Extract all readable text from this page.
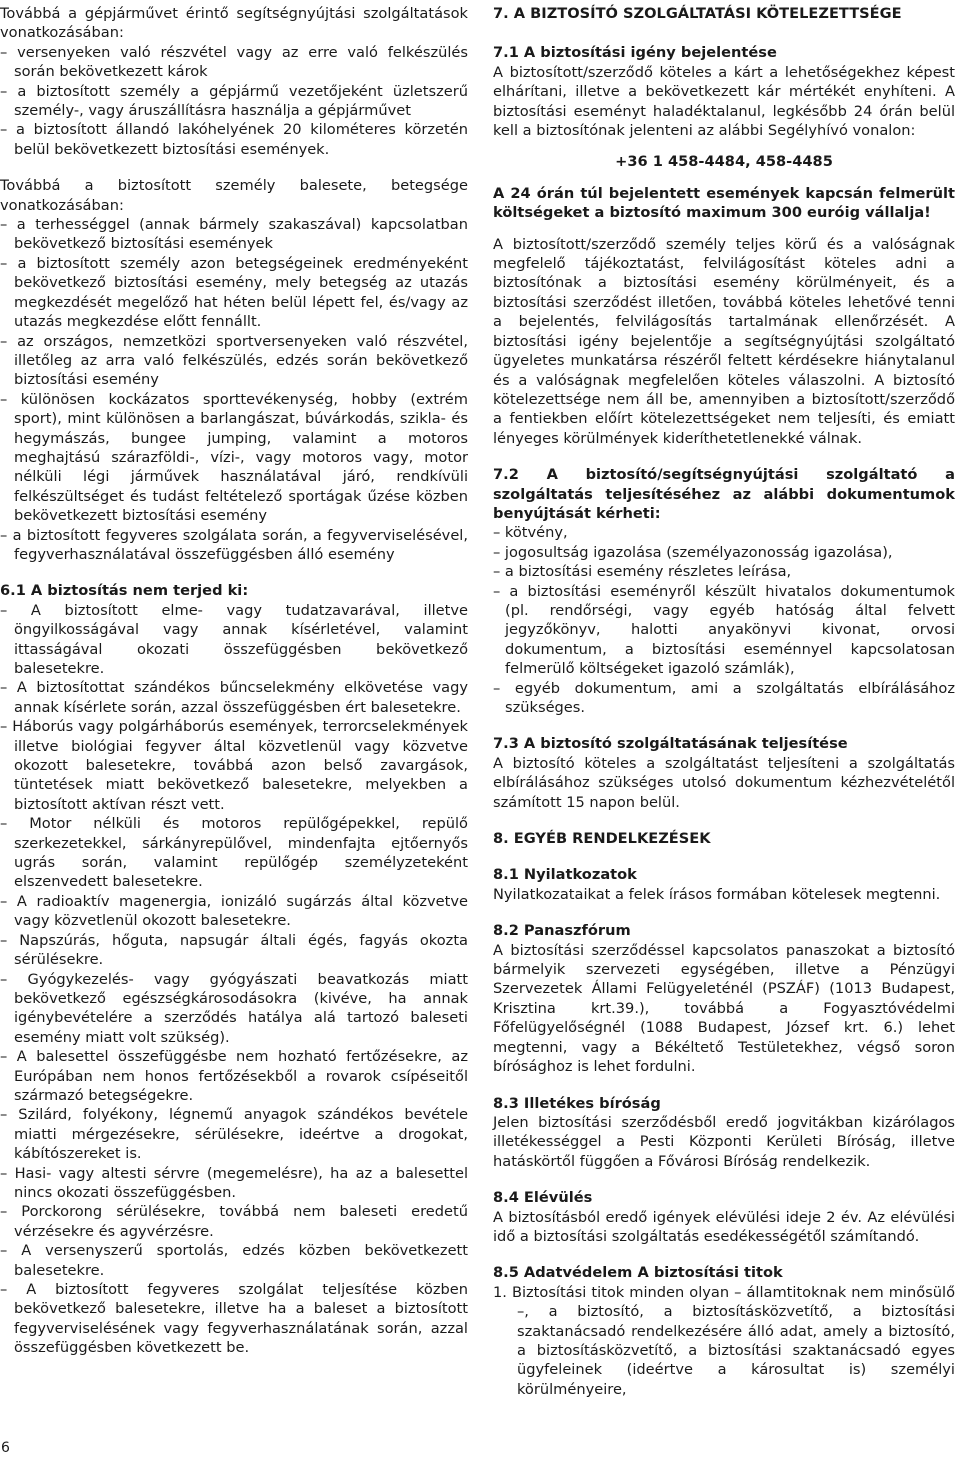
Továbbá a gépjárművet érintő segítségnyújtási szolgáltatások vonatkozásában:

– versenyeken való részvétel vagy az erre való felkészülés során bekövetkezett károk

– a biztosított személy a gépjármű vezetőjeként üzletszerű személy-, vagy áruszállításra használja a gépjárművet

– a biztosított állandó lakóhelyének 20 kilométeres körzetén belül bekövetkezett biztosítási események.

Továbbá a biztosított személy balesete, betegsége vonatkozásában:

– a terhességgel (annak bármely szakaszával) kapcsolatban bekövetkező biztosítási események

– a biztosított személy azon betegségeinek eredményeként bekövetkező biztosítási esemény, mely betegség az utazás megkezdését megelőző hat héten belül lépett fel, és/vagy az utazás megkezdése előtt fennállt.

– az országos, nemzetközi sportversenyeken való részvétel, illetőleg az arra való felkészülés, edzés során bekövetkező biztosítási esemény

– különösen kockázatos sporttevékenység, hobby (extrém sport), mint különösen a barlangászat, búvárkodás, szikla- és hegymászás, bungee jumping, valamint a motoros meghajtású szárazföldi-, vízi-, vagy motoros vagy, motor nélküli légi járművek használatával járó, rendkívüli felkészültséget és tudást feltételező sportágak űzése közben bekövetkezett biztosítási esemény

– a biztosított fegyveres szolgálata során, a fegyverviselésével, fegyverhasználatával összefüggésben álló esemény

6.1 A biztosítás nem terjed ki:

– A biztosított elme- vagy tudatzavarával, illetve öngyilkosságával vagy annak kísérletével, valamint ittasságával okozati összefüggésben bekövetkező balesetekre.

– A biztosítottat szándékos bűncselekmény elkövetése vagy annak kísérlete során, azzal összefüggésben ért balesetekre.

– Háborús vagy polgárháborús események, terrorcselekmények illetve biológiai fegyver által közvetlenül vagy közvetve okozott balesetekre, továbbá azon belső zavargások, tüntetések miatt bekövetkező balesetekre, melyekben a biztosított aktívan részt vett.

– Motor nélküli és motoros repülőgépekkel, repülő szerkezetekkel, sárkányrepülővel, mindenfajta ejtőernyős ugrás során, valamint repülőgép személyzeteként elszenvedett balesetekre.

– A radioaktív magenergia, ionizáló sugárzás által közvetve vagy közvetlenül okozott balesetekre.

– Napszúrás, hőguta, napsugár általi égés, fagyás okozta sérülésekre.

– Gyógykezelés- vagy gyógyászati beavatkozás miatt bekövetkező egészségkárosodásokra (kivéve, ha annak igénybevételére a szerződés hatálya alá tartozó baleseti esemény miatt volt szükség).

– A balesettel összefüggésbe nem hozható fertőzésekre, az Európában nem honos fertőzésekből a rovarok csípéseitől származó betegségekre.

– Szilárd, folyékony, légnemű anyagok szándékos bevétele miatti mérgezésekre, sérülésekre, ideértve a drogokat, kábítószereket is.

– Hasi- vagy altesti sérvre (megemelésre), ha az a balesettel nincs okozati összefüggésben.

– Porckorong sérülésekre, továbbá nem baleseti eredetű vérzésekre és agyvérzésre.

– A versenyszerű sportolás, edzés közben bekövetkezett balesetekre.

– A biztosított fegyveres szolgálat teljesítése közben bekövetkező balesetekre, illetve ha a baleset a biztosított fegyverviselésének vagy fegyverhasználatának során, azzal összefüggésben következett be.

7. A BIZTOSÍTÓ SZOLGÁLTATÁSI KÖTELEZETTSÉGE

7.1 A biztosítási igény bejelentése

A biztosított/szerződő köteles a kárt a lehetőségekhez képest elhárítani, illetve a bekövetkezett kár mértékét enyhíteni. A biztosítási eseményt haladéktalanul, legkésőbb 24 órán belül kell a biztosítónak jelenteni az alábbi Segélyhívó vonalon:

+36 1 458-4484, 458-4485

A 24 órán túl bejelentett események kapcsán felmerült költségeket a biztosító maximum 300 euróig vállalja!

A biztosított/szerződő személy teljes körű és a valóságnak megfelelő tájékoztatást, felvilágosítást köteles adni a biztosítónak a biztosítási esemény körülményeit, és a biztosítási szerződést illetően, továbbá köteles lehetővé tenni a bejelentés, felvilágosítás tartalmának ellenőrzését. A biztosítási igény bejelentője a segítségnyújtási szolgáltató ügyeletes munkatársa részéről feltett kérdésekre hiánytalanul és a valóságnak megfelelően köteles válaszolni. A biztosító kötelezettsége nem áll be, amennyiben a biztosított/szerződő a fentiekben előírt kötelezettségeket nem teljesíti, és emiatt lényeges körülmények kideríthetetlenekké válnak.

7.2 A biztosító/segítségnyújtási szolgáltató a szolgáltatás teljesítéséhez az alábbi dokumentumok benyújtását kérheti:

– kötvény,

– jogosultság igazolása (személyazonosság igazolása),

– a biztosítási esemény részletes leírása,

– a biztosítási eseményről készült hivatalos dokumentumok (pl. rendőrségi, vagy egyéb hatóság által felvett jegyzőkönyv, halotti anyakönyvi kivonat, orvosi dokumentum, a biztosítási eseménnyel kapcsolatosan felmerülő költségeket igazoló számlák),

– egyéb dokumentum, ami a szolgáltatás elbírálásához szükséges.

7.3 A biztosító szolgáltatásának teljesítése

A biztosító köteles a szolgáltatást teljesíteni a szolgáltatás elbírálásához szükséges utolsó dokumentum kézhezvételétől számított 15 napon belül.

8. EGYÉB RENDELKEZÉSEK

8.1 Nyilatkozatok

Nyilatkozataikat a felek írásos formában kötelesek megtenni.

8.2 Panaszfórum

A biztosítási szerződéssel kapcsolatos panaszokat a biztosító bármelyik szervezeti egységében, illetve a Pénzügyi Szervezetek Állami Felügyeleténél (PSZÁF) (1013 Budapest, Krisztina krt.39.), továbbá a Fogyasztóvédelmi Főfelügyelőségnél (1088 Budapest, József krt. 6.) lehet megtenni, vagy a Békéltető Testületekhez, végső soron bírósághoz is lehet fordulni.

8.3 Illetékes bíróság

Jelen biztosítási szerződésből eredő jogvitákban kizárólagos illetékességgel a Pesti Központi Kerületi Bíróság, illetve hatáskörtől függően a Fővárosi Bíróság rendelkezik.

8.4 Elévülés

A biztosításból eredő igények elévülési ideje 2 év. Az elévülési idő a biztosítási szolgáltatás esedékességétől számítandó.

8.5 Adatvédelem A biztosítási titok

1. Biztosítási titok minden olyan – államtitoknak nem minősülő –, a biztosító, a biztosításközvetítő, a biztosítási szaktanácsadó rendelkezésére álló adat, amely a biztosító, a biztosításközvetítő, a biztosítási szaktanácsadó egyes ügyfeleinek (ideértve a károsultat is) személyi körülményeire,

6
